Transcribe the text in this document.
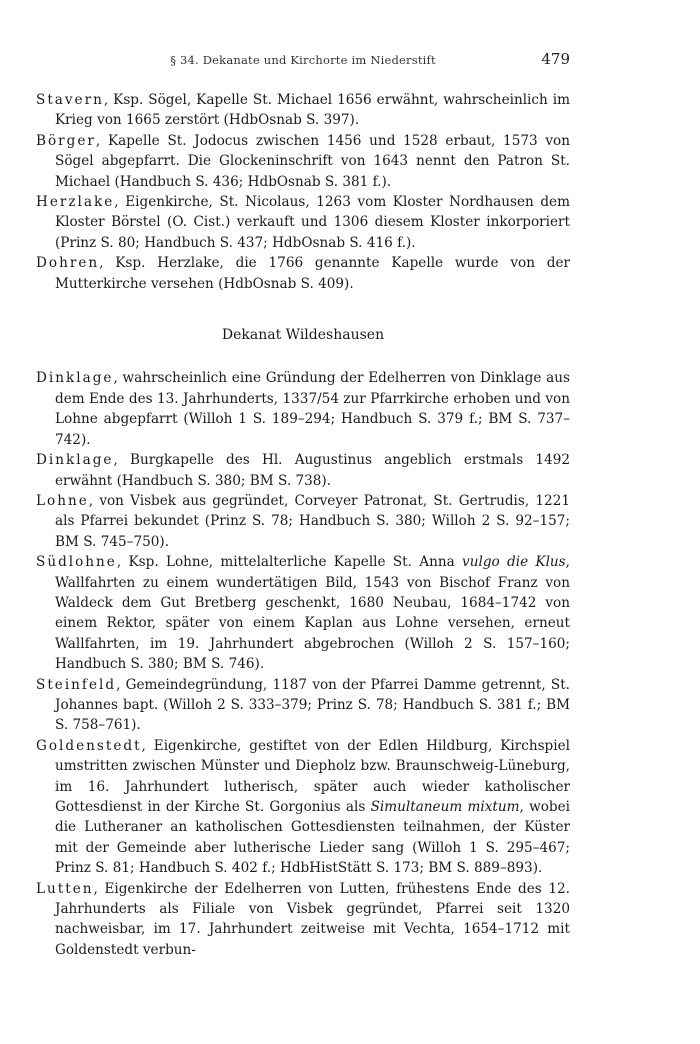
§ 34. Dekanate und Kirchorte im Niederstift	479

Stavern, Ksp. Sögel, Kapelle St. Michael 1656 erwähnt, wahrscheinlich im Krieg von 1665 zerstört (HdbOsnab S. 397).

Börger, Kapelle St. Jodocus zwischen 1456 und 1528 erbaut, 1573 von Sögel abgepfarrt. Die Glockeninschrift von 1643 nennt den Patron St. Michael (Handbuch S. 436; HdbOsnab S. 381 f.).

Herzlake, Eigenkirche, St. Nicolaus, 1263 vom Kloster Nordhausen dem Kloster Börstel (O. Cist.) verkauft und 1306 diesem Kloster inkorporiert (Prinz S. 80; Handbuch S. 437; HdbOsnab S. 416 f.).

Dohren, Ksp. Herzlake, die 1766 genannte Kapelle wurde von der Mutterkirche versehen (HdbOsnab S. 409).

Dekanat Wildeshausen

Dinklage, wahrscheinlich eine Gründung der Edelherren von Dinklage aus dem Ende des 13. Jahrhunderts, 1337/54 zur Pfarrkirche erhoben und von Lohne abgepfarrt (Willoh 1 S. 189–294; Handbuch S. 379 f.; BM S. 737–742).

Dinklage, Burgkapelle des Hl. Augustinus angeblich erstmals 1492 erwähnt (Handbuch S. 380; BM S. 738).

Lohne, von Visbek aus gegründet, Corveyer Patronat, St. Gertrudis, 1221 als Pfarrei bekundet (Prinz S. 78; Handbuch S. 380; Willoh 2 S. 92–157; BM S. 745–750).

Südlohne, Ksp. Lohne, mittelalterliche Kapelle St. Anna vulgo die Klus, Wallfahrten zu einem wundertätigen Bild, 1543 von Bischof Franz von Waldeck dem Gut Bretberg geschenkt, 1680 Neubau, 1684–1742 von einem Rektor, später von einem Kaplan aus Lohne versehen, erneut Wallfahrten, im 19. Jahrhundert abgebrochen (Willoh 2 S. 157–160; Handbuch S. 380; BM S. 746).

Steinfeld, Gemeindegründung, 1187 von der Pfarrei Damme getrennt, St. Johannes bapt. (Willoh 2 S. 333–379; Prinz S. 78; Handbuch S. 381 f.; BM S. 758–761).

Goldenstedt, Eigenkirche, gestiftet von der Edlen Hildburg, Kirchspiel umstritten zwischen Münster und Diepholz bzw. Braunschweig-Lüneburg, im 16. Jahrhundert lutherisch, später auch wieder katholischer Gottesdienst in der Kirche St. Gorgonius als Simultaneum mixtum, wobei die Lutheraner an katholischen Gottesdiensten teilnahmen, der Küster mit der Gemeinde aber lutherische Lieder sang (Willoh 1 S. 295–467; Prinz S. 81; Handbuch S. 402 f.; HdbHistStätt S. 173; BM S. 889–893).

Lutten, Eigenkirche der Edelherren von Lutten, frühestens Ende des 12. Jahrhunderts als Filiale von Visbek gegründet, Pfarrei seit 1320 nachweisbar, im 17. Jahrhundert zeitweise mit Vechta, 1654–1712 mit Goldenstedt verbun-
